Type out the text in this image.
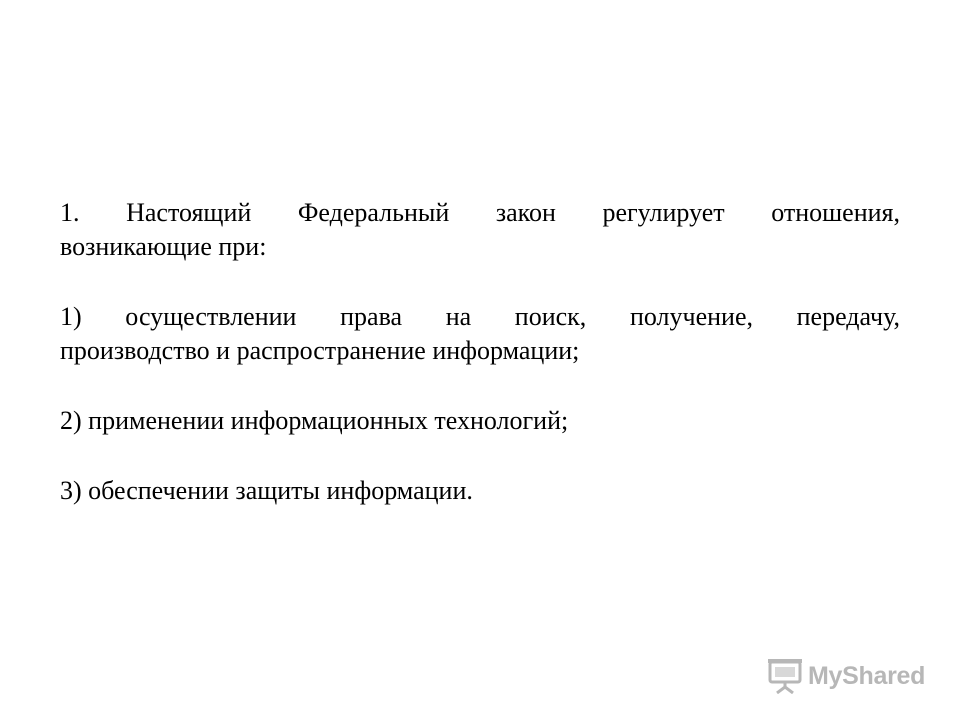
1. Настоящий Федеральный закон регулирует отношения,
возникающие при:

1) осуществлении права на поиск, получение, передачу,
производство и распространение информации;

2) применении информационных технологий;

3) обеспечении защиты информации.

MyShared
